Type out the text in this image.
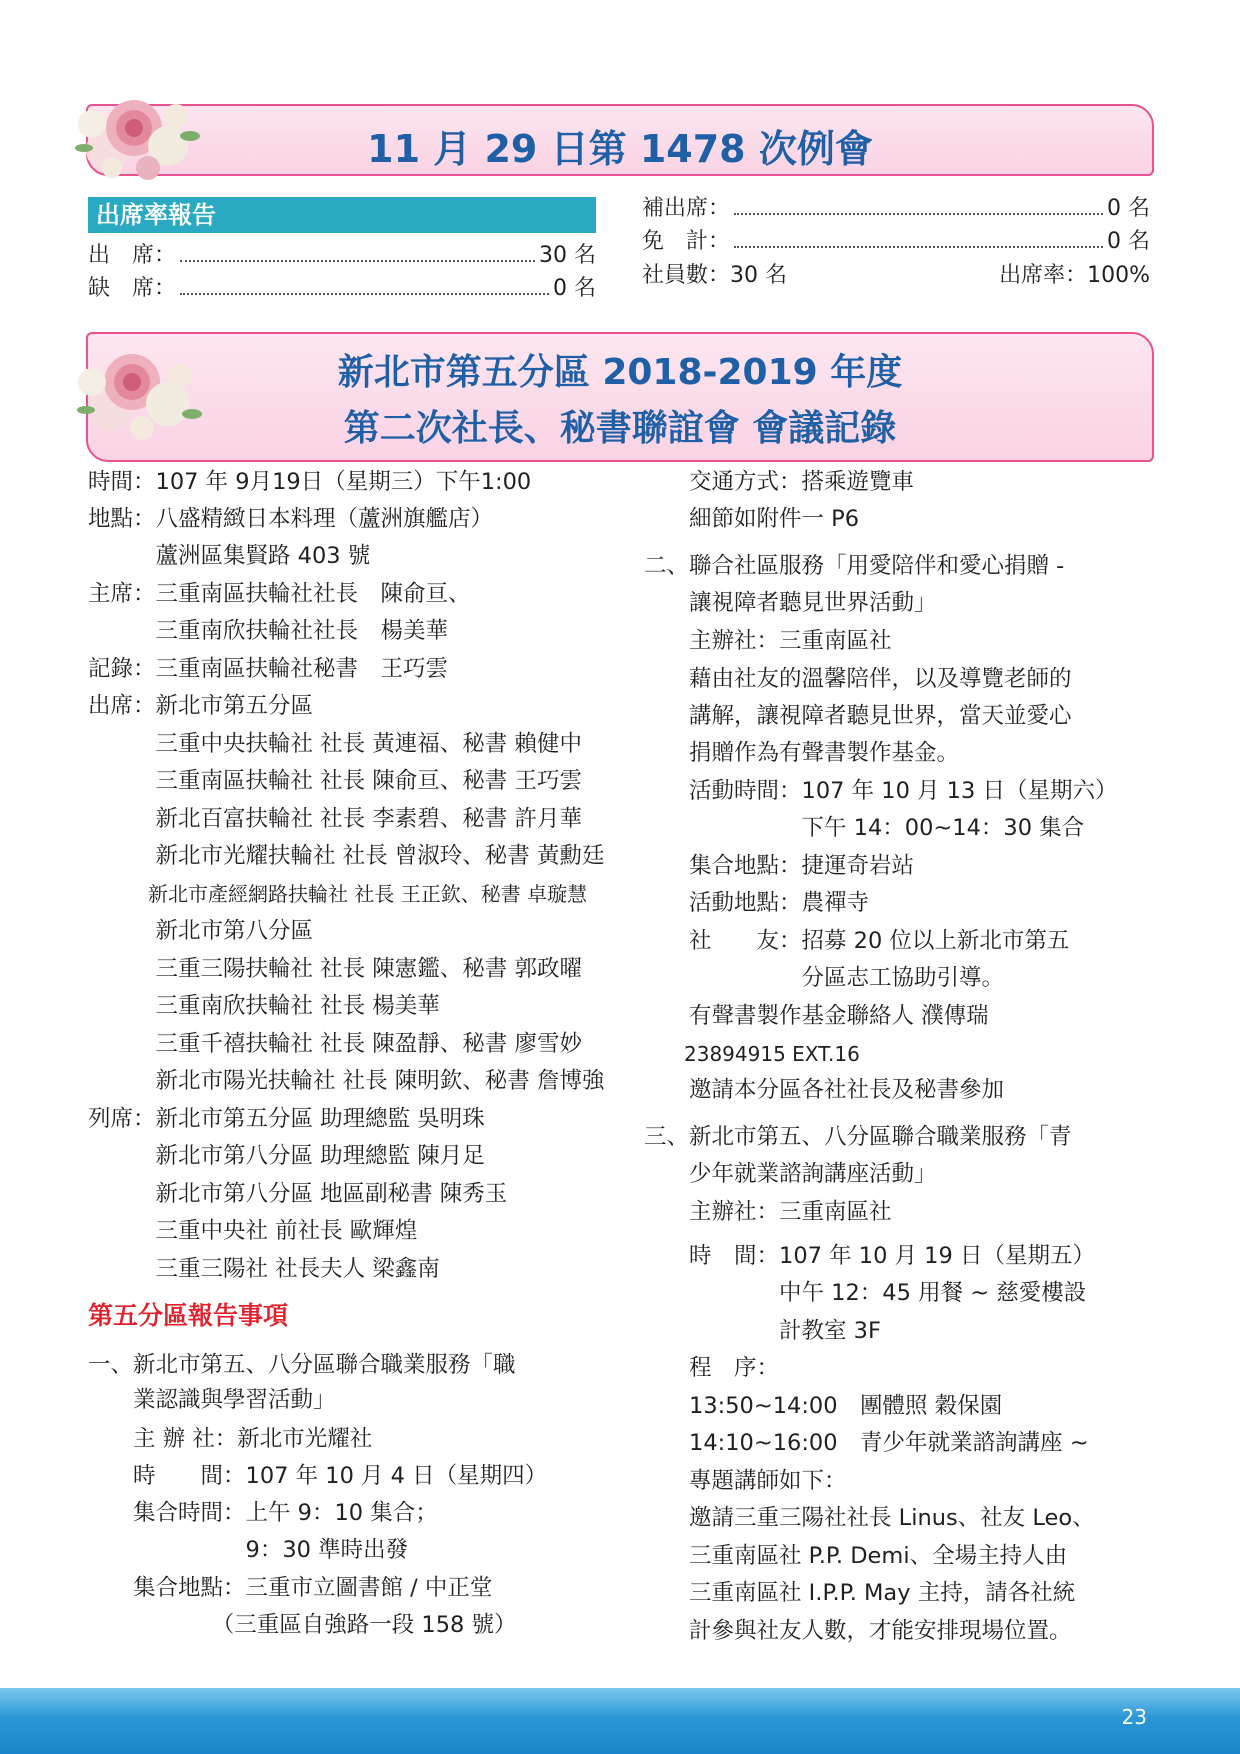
11 月 29 日第 1478 次例會
出席率報告
出　席：	30 名
缺　席：	0 名
補出席：	0 名
免　計：	0 名
社員數：30 名	出席率：100%
新北市第五分區 2018-2019 年度
第二次社長、秘書聯誼會 會議記錄
時間：107 年 9月19日（星期三）下午1:00
地點：八盛精緻日本料理（蘆洲旗艦店）
　　　蘆洲區集賢路 403 號
主席：三重南區扶輪社社長　陳俞亘、
　　　三重南欣扶輪社社長　楊美華
記錄：三重南區扶輪社秘書　王巧雲
出席：新北市第五分區
　　　三重中央扶輪社 社長 黃連福、秘書 賴健中
　　　三重南區扶輪社 社長 陳俞亘、秘書 王巧雲
　　　新北百富扶輪社 社長 李素碧、秘書 許月華
　　　新北市光耀扶輪社 社長 曾淑玲、秘書 黃勳廷
　　　新北市產經網路扶輪社 社長 王正欽、秘書 卓璇慧
　　　新北市第八分區
　　　三重三陽扶輪社 社長 陳憲鑑、秘書 郭政曜
　　　三重南欣扶輪社 社長 楊美華
　　　三重千禧扶輪社 社長 陳盈靜、秘書 廖雪妙
　　　新北市陽光扶輪社 社長 陳明欽、秘書 詹博強
列席：新北市第五分區 助理總監 吳明珠
　　　新北市第八分區 助理總監 陳月足
　　　新北市第八分區 地區副秘書 陳秀玉
　　　三重中央社 前社長 歐輝煌
　　　三重三陽社 社長夫人 梁鑫南
第五分區報告事項
一、新北市第五、八分區聯合職業服務「職
　　業認識與學習活動」
　　主 辦 社：新北市光耀社
　　時　　間：107 年 10 月 4 日（星期四）
　　集合時間：上午 9：10 集合；
　　　　　　　9：30 準時出發
　　集合地點：三重市立圖書館 / 中正堂
　　　　　　（三重區自強路一段 158 號）
　　交通方式：搭乘遊覽車
　　細節如附件一 P6
二、聯合社區服務「用愛陪伴和愛心捐贈 -
　　讓視障者聽見世界活動」
　　主辦社：三重南區社
　　藉由社友的溫馨陪伴，以及導覽老師的
　　講解，讓視障者聽見世界，當天並愛心
　　捐贈作為有聲書製作基金。
　　活動時間：107 年 10 月 13 日（星期六）
　　　　　　　下午 14：00~14：30 集合
　　集合地點：捷運奇岩站
　　活動地點：農禪寺
　　社　　友：招募 20 位以上新北市第五
　　　　　　　分區志工協助引導。
　　有聲書製作基金聯絡人 濮傳瑞
　　23894915 EXT.16
　　邀請本分區各社社長及秘書參加
三、新北市第五、八分區聯合職業服務「青
　　少年就業諮詢講座活動」
　　主辦社：三重南區社
　　時　間：107 年 10 月 19 日（星期五）
　　　　　　中午 12：45 用餐 ~ 慈愛樓設
　　　　　　計教室 3F
　　程　序：
　　13:50~14:00　團體照 穀保園
　　14:10~16:00　青少年就業諮詢講座 ~
　　專題講師如下：
　　邀請三重三陽社社長 Linus、社友 Leo、
　　三重南區社 P.P. Demi、全場主持人由
　　三重南區社 I.P.P. May 主持，請各社統
　　計參與社友人數，才能安排現場位置。
23
